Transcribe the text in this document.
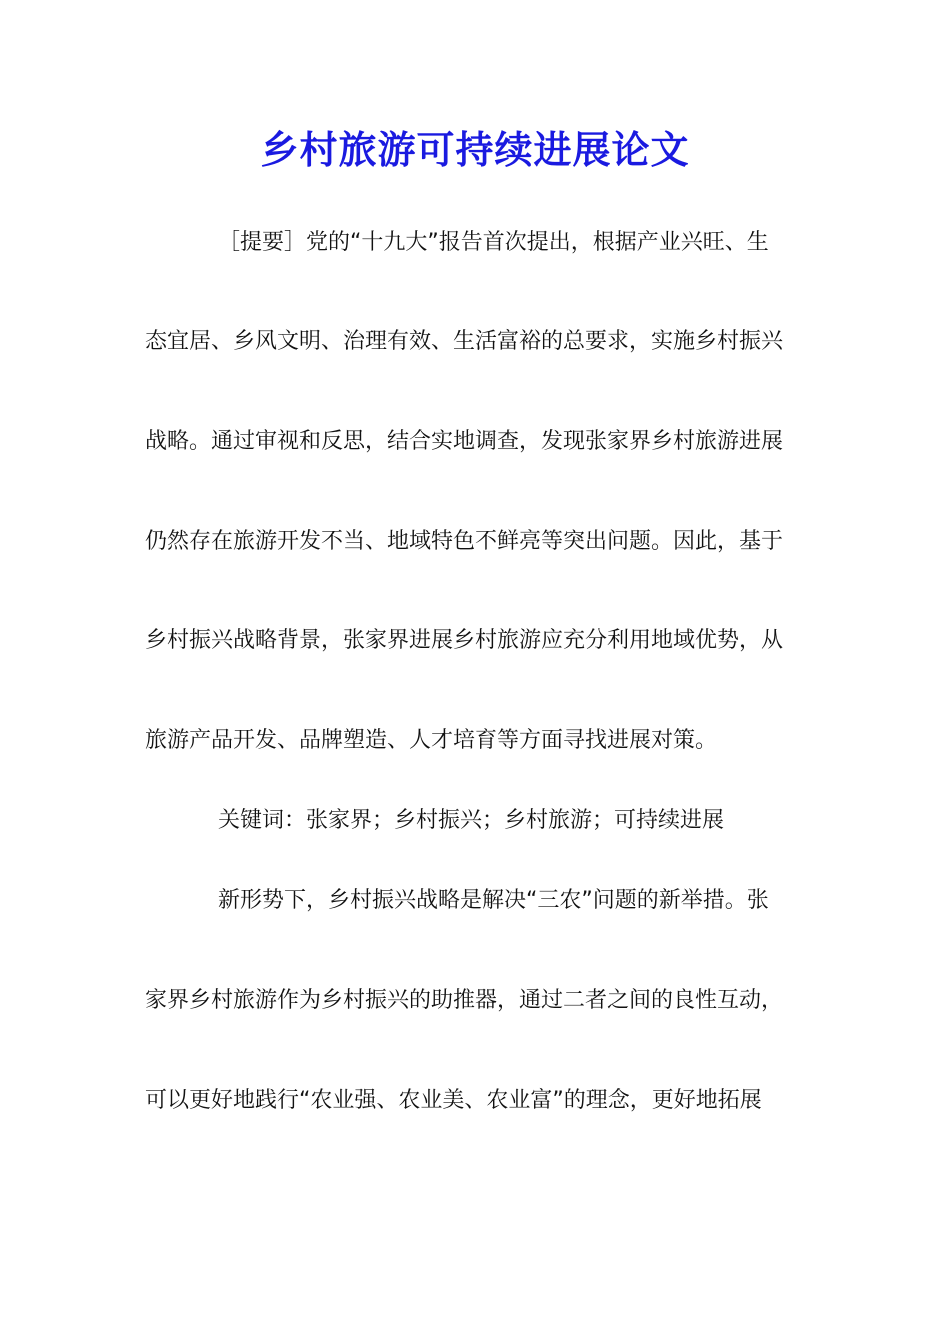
乡村旅游可持续进展论文
［提要］党的“十九大”报告首次提出，根据产业兴旺、生
态宜居、乡风文明、治理有效、生活富裕的总要求，实施乡村振兴
战略。通过审视和反思，结合实地调查，发现张家界乡村旅游进展
仍然存在旅游开发不当、地域特色不鲜亮等突出问题。因此，基于
乡村振兴战略背景，张家界进展乡村旅游应充分利用地域优势，从
旅游产品开发、品牌塑造、人才培育等方面寻找进展对策。
关键词：张家界；乡村振兴；乡村旅游；可持续进展
新形势下，乡村振兴战略是解决“三农”问题的新举措。张
家界乡村旅游作为乡村振兴的助推器，通过二者之间的良性互动，
可以更好地践行“农业强、农业美、农业富”的理念，更好地拓展
